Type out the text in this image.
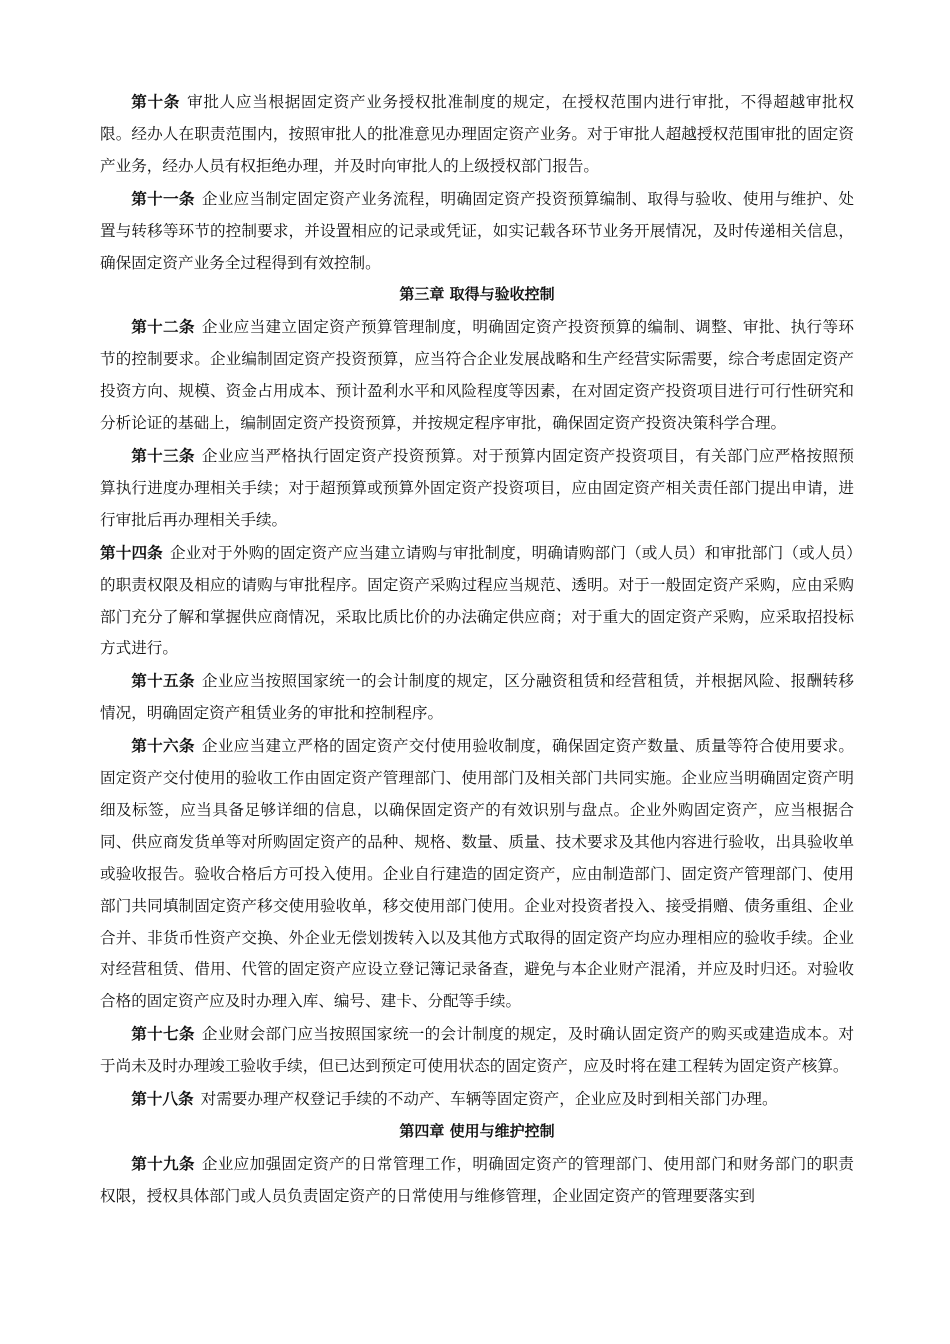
第十条 审批人应当根据固定资产业务授权批准制度的规定，在授权范围内进行审批，不得超越审批权限。经办人在职责范围内，按照审批人的批准意见办理固定资产业务。对于审批人超越授权范围审批的固定资产业务，经办人员有权拒绝办理，并及时向审批人的上级授权部门报告。

第十一条 企业应当制定固定资产业务流程，明确固定资产投资预算编制、取得与验收、使用与维护、处置与转移等环节的控制要求，并设置相应的记录或凭证，如实记载各环节业务开展情况，及时传递相关信息，确保固定资产业务全过程得到有效控制。

第三章 取得与验收控制

第十二条 企业应当建立固定资产预算管理制度，明确固定资产投资预算的编制、调整、审批、执行等环节的控制要求。企业编制固定资产投资预算，应当符合企业发展战略和生产经营实际需要，综合考虑固定资产投资方向、规模、资金占用成本、预计盈利水平和风险程度等因素，在对固定资产投资项目进行可行性研究和分析论证的基础上，编制固定资产投资预算，并按规定程序审批，确保固定资产投资决策科学合理。

第十三条 企业应当严格执行固定资产投资预算。对于预算内固定资产投资项目，有关部门应严格按照预算执行进度办理相关手续；对于超预算或预算外固定资产投资项目，应由固定资产相关责任部门提出申请，进行审批后再办理相关手续。

第十四条 企业对于外购的固定资产应当建立请购与审批制度，明确请购部门（或人员）和审批部门（或人员）的职责权限及相应的请购与审批程序。固定资产采购过程应当规范、透明。对于一般固定资产采购，应由采购部门充分了解和掌握供应商情况，采取比质比价的办法确定供应商；对于重大的固定资产采购，应采取招投标方式进行。

第十五条 企业应当按照国家统一的会计制度的规定，区分融资租赁和经营租赁，并根据风险、报酬转移情况，明确固定资产租赁业务的审批和控制程序。

第十六条 企业应当建立严格的固定资产交付使用验收制度，确保固定资产数量、质量等符合使用要求。固定资产交付使用的验收工作由固定资产管理部门、使用部门及相关部门共同实施。企业应当明确固定资产明细及标签，应当具备足够详细的信息，以确保固定资产的有效识别与盘点。企业外购固定资产，应当根据合同、供应商发货单等对所购固定资产的品种、规格、数量、质量、技术要求及其他内容进行验收，出具验收单或验收报告。验收合格后方可投入使用。企业自行建造的固定资产，应由制造部门、固定资产管理部门、使用部门共同填制固定资产移交使用验收单，移交使用部门使用。企业对投资者投入、接受捐赠、债务重组、企业合并、非货币性资产交换、外企业无偿划拨转入以及其他方式取得的固定资产均应办理相应的验收手续。企业对经营租赁、借用、代管的固定资产应设立登记簿记录备查，避免与本企业财产混淆，并应及时归还。对验收合格的固定资产应及时办理入库、编号、建卡、分配等手续。

第十七条 企业财会部门应当按照国家统一的会计制度的规定，及时确认固定资产的购买或建造成本。对于尚未及时办理竣工验收手续，但已达到预定可使用状态的固定资产，应及时将在建工程转为固定资产核算。

第十八条 对需要办理产权登记手续的不动产、车辆等固定资产，企业应及时到相关部门办理。

第四章 使用与维护控制

第十九条 企业应加强固定资产的日常管理工作，明确固定资产的管理部门、使用部门和财务部门的职责权限，授权具体部门或人员负责固定资产的日常使用与维修管理，企业固定资产的管理要落实到
